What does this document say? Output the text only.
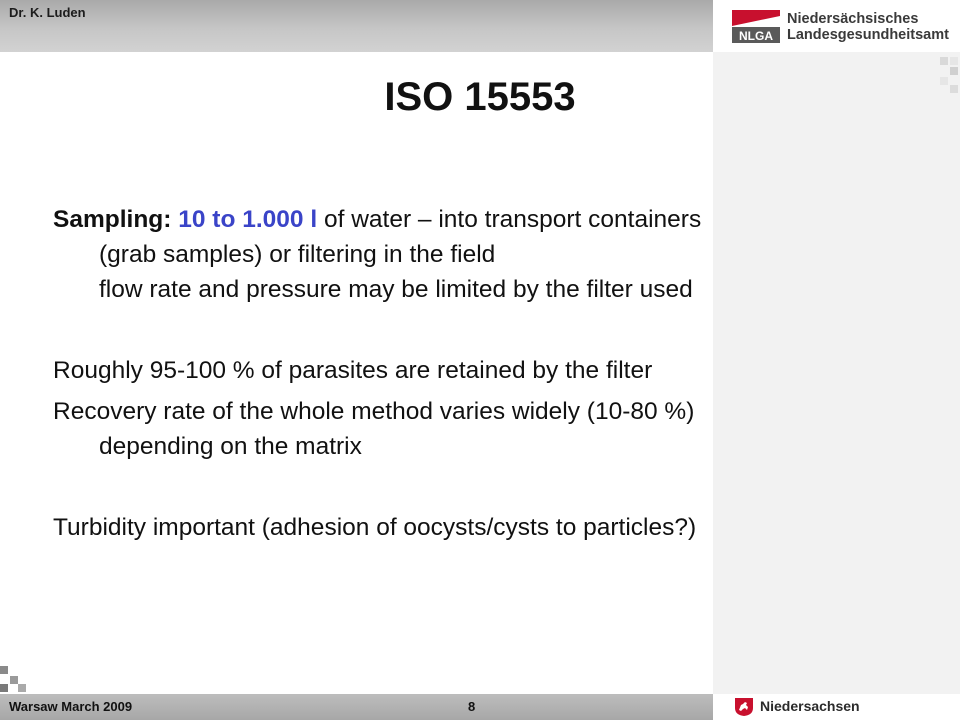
Dr. K. Luden
NLGA
Niedersächsisches
Landesgesundheitsamt
ISO 15553

Sampling: 10 to 1.000 l of water – into transport containers

(grab samples) or filtering in the field

flow rate and pressure may be limited by the filter used

Roughly 95-100 % of parasites are retained by the filter

Recovery rate of the whole method varies widely (10-80 %)

depending on the matrix

Turbidity important (adhesion of oocysts/cysts to particles?)

Warsaw March 2009	8	Niedersachsen
